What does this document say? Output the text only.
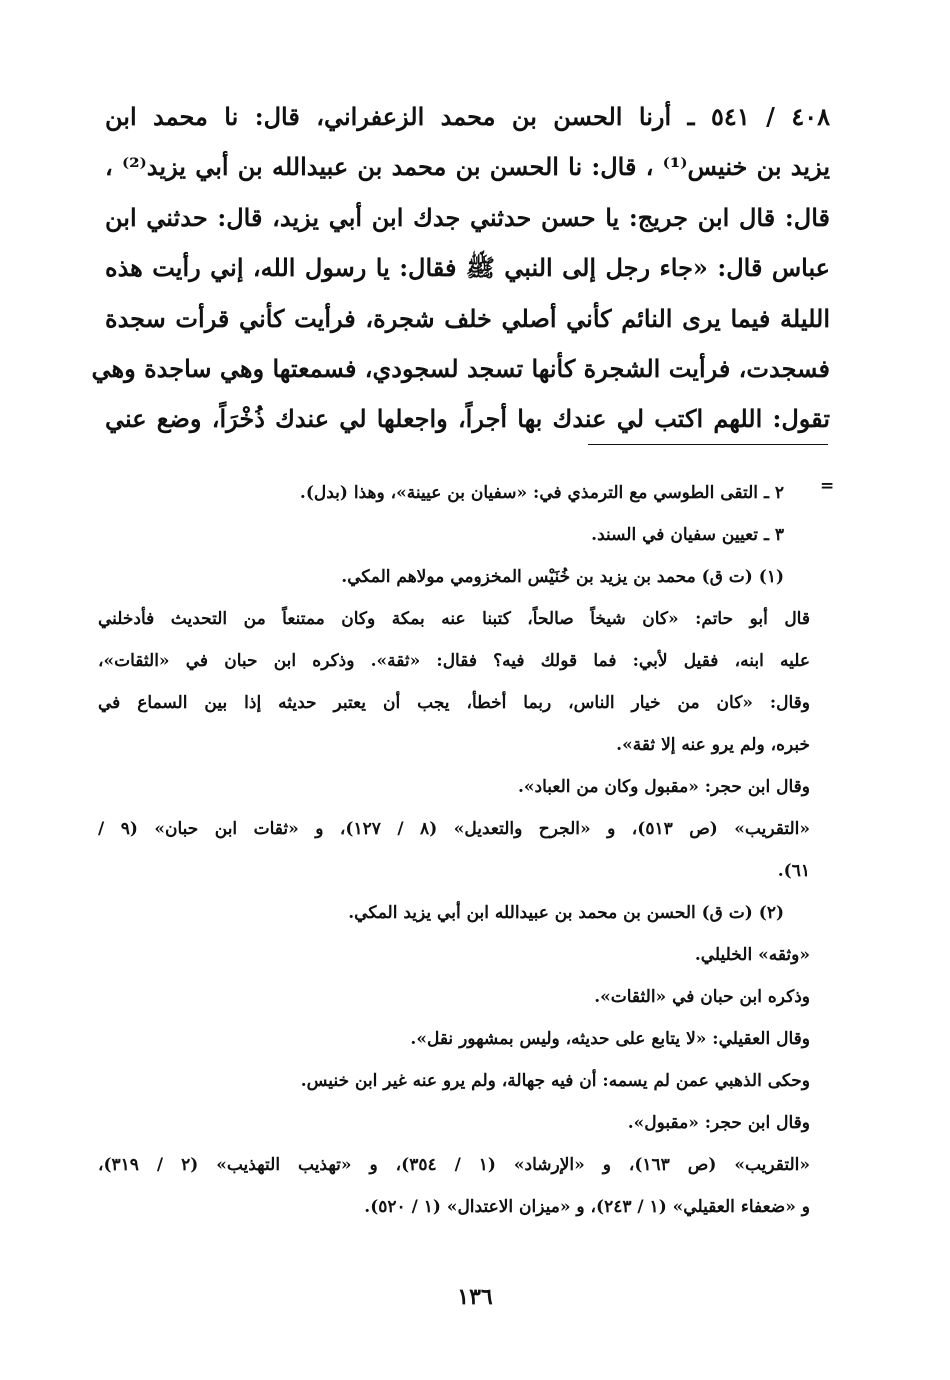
٤٠٨ / ٥٤١ ـ أرنا الحسن بن محمد الزعفراني، قال: نا محمد ابن
يزيد بن خنيس⁽¹⁾ ، قال: نا الحسن بن محمد بن عبيدالله بن أبي يزيد⁽²⁾ ،
قال: قال ابن جريج: يا حسن حدثني جدك ابن أبي يزيد، قال: حدثني ابن
عباس قال: «جاء رجل إلى النبي ﷺ فقال: يا رسول الله، إني رأيت هذه
الليلة فيما يرى النائم كأني أصلي خلف شجرة، فرأيت كأني قرأت سجدة
فسجدت، فرأيت الشجرة كأنها تسجد لسجودي، فسمعتها وهي ساجدة وهي
تقول: اللهم اكتب لي عندك بها أجراً، واجعلها لي عندك ذُخْرَاً، وضع عني
=
٢ ـ التقى الطوسي مع الترمذي في: «سفيان بن عيينة»، وهذا (بدل).
٣ ـ تعيين سفيان في السند.
(١) (ت ق) محمد بن يزيد بن خُنَيْس المخزومي مولاهم المكي.
قال أبو حاتم: «كان شيخاً صالحاً، كتبنا عنه بمكة وكان ممتنعاً من التحديث فأدخلني
عليه ابنه، فقيل لأبي: فما قولك فيه؟ فقال: «ثقة». وذكره ابن حبان في «الثقات»،
وقال: «كان من خيار الناس، ربما أخطأ، يجب أن يعتبر حديثه إذا بين السماع في
خبره، ولم يرو عنه إلا ثقة».
وقال ابن حجر: «مقبول وكان من العباد».
«التقريب» (ص ٥١٣)، و «الجرح والتعديل» (٨ / ١٢٧)، و «ثقات ابن حبان» (٩ /
٦١).
(٢) (ت ق) الحسن بن محمد بن عبيدالله ابن أبي يزيد المكي.
«وثقه» الخليلي.
وذكره ابن حبان في «الثقات».
وقال العقيلي: «لا يتابع على حديثه، وليس بمشهور نقل».
وحكى الذهبي عمن لم يسمه: أن فيه جهالة، ولم يرو عنه غير ابن خنيس.
وقال ابن حجر: «مقبول».
«التقريب» (ص ١٦٣)، و «الإرشاد» (١ / ٣٥٤)، و «تهذيب التهذيب» (٢ / ٣١٩)،
و «ضعفاء العقيلي» (١ / ٢٤٣)، و «ميزان الاعتدال» (١ / ٥٢٠).
١٣٦
